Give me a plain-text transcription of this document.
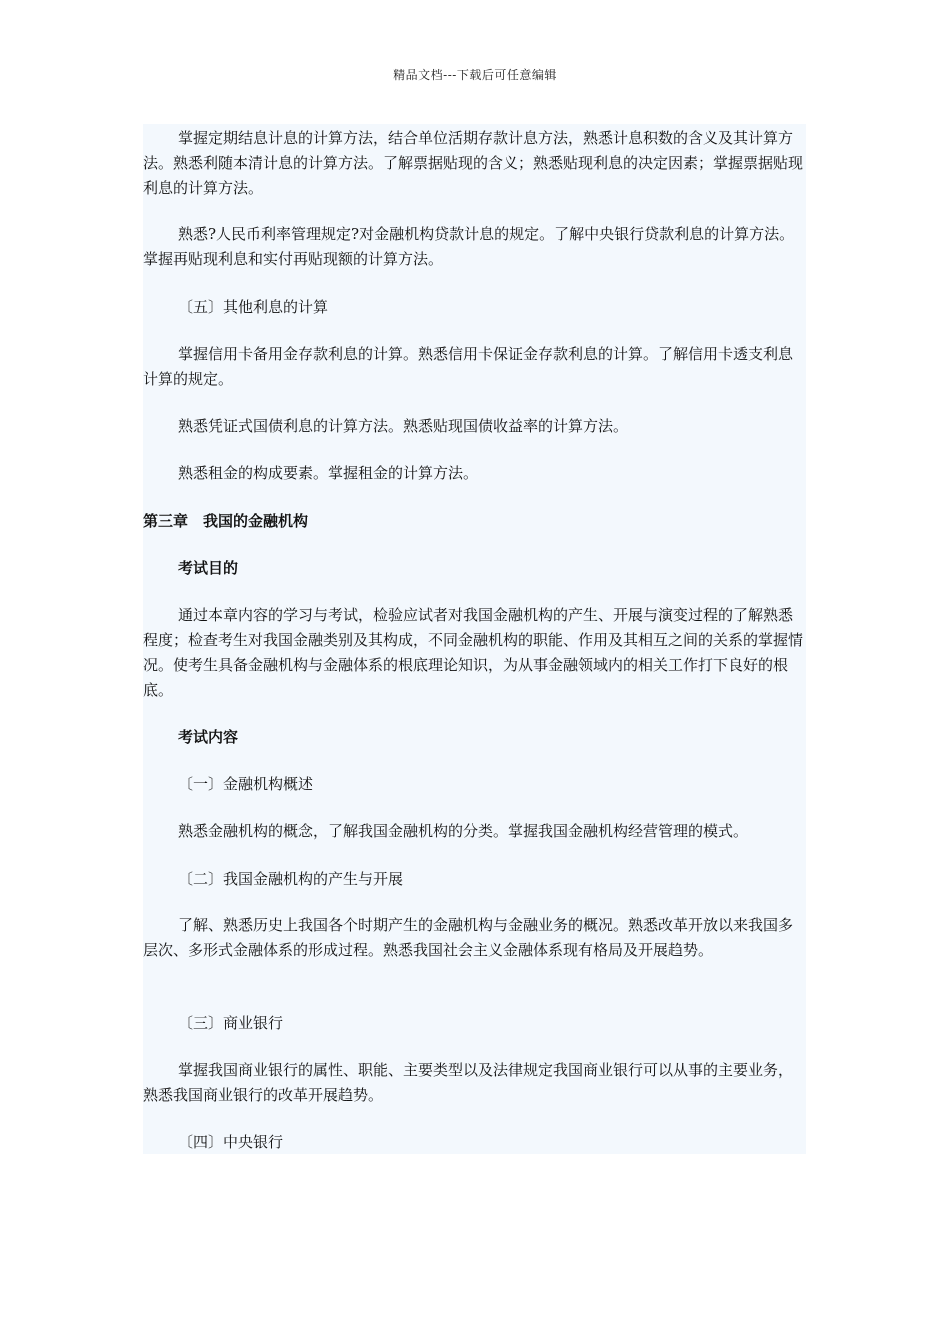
精品文档---下载后可任意编辑

掌握定期结息计息的计算方法，结合单位活期存款计息方法，熟悉计息积数的含义及其计算方法。熟悉利随本清计息的计算方法。了解票据贴现的含义；熟悉贴现利息的决定因素；掌握票据贴现利息的计算方法。

熟悉?人民币利率管理规定?对金融机构贷款计息的规定。了解中央银行贷款利息的计算方法。掌握再贴现利息和实付再贴现额的计算方法。

〔五〕其他利息的计算

掌握信用卡备用金存款利息的计算。熟悉信用卡保证金存款利息的计算。了解信用卡透支利息计算的规定。

熟悉凭证式国债利息的计算方法。熟悉贴现国债收益率的计算方法。

熟悉租金的构成要素。掌握租金的计算方法。

第三章　我国的金融机构

考试目的

通过本章内容的学习与考试，检验应试者对我国金融机构的产生、开展与演变过程的了解熟悉程度；检查考生对我国金融类别及其构成，不同金融机构的职能、作用及其相互之间的关系的掌握情况。使考生具备金融机构与金融体系的根底理论知识，为从事金融领域内的相关工作打下良好的根底。

考试内容

〔一〕金融机构概述

熟悉金融机构的概念，了解我国金融机构的分类。掌握我国金融机构经营管理的模式。

〔二〕我国金融机构的产生与开展

了解、熟悉历史上我国各个时期产生的金融机构与金融业务的概况。熟悉改革开放以来我国多层次、多形式金融体系的形成过程。熟悉我国社会主义金融体系现有格局及开展趋势。

〔三〕商业银行

掌握我国商业银行的属性、职能、主要类型以及法律规定我国商业银行可以从事的主要业务，熟悉我国商业银行的改革开展趋势。

〔四〕中央银行
